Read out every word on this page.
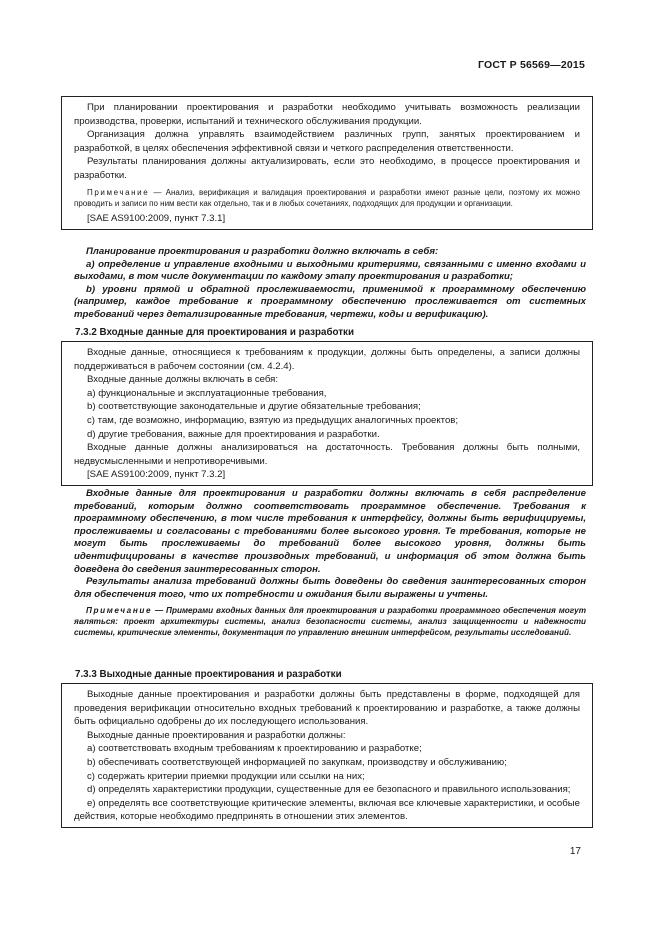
ГОСТ Р 56569—2015

При планировании проектирования и разработки необходимо учитывать возможность реализации производства, проверки, испытаний и технического обслуживания продукции.

Организация должна управлять взаимодействием различных групп, занятых проектированием и разработкой, в целях обеспечения эффективной связи и четкого распределения ответственности.

Результаты планирования должны актуализировать, если это необходимо, в процессе проектирования и разработки.

Примечание — Анализ, верификация и валидация проектирования и разработки имеют разные цели, поэтому их можно проводить и записи по ним вести как отдельно, так и в любых сочетаниях, подходящих для продукции и организации.

[SAE AS9100:2009, пункт 7.3.1]

Планирование проектирования и разработки должно включать в себя:

а) определение и управление входными и выходными критериями, связанными с именно входами и выходами, в том числе документации по каждому этапу проектирования и разработки;

b) уровни прямой и обратной прослеживаемости, применимой к программному обеспечению (например, каждое требование к программному обеспечению прослеживается от системных требований через детализированные требования, чертежи, коды и верификацию).

7.3.2 Входные данные для проектирования и разработки

Входные данные, относящиеся к требованиям к продукции, должны быть определены, а записи должны поддерживаться в рабочем состоянии (см. 4.2.4).

Входные данные должны включать в себя:

a) функциональные и эксплуатационные требования,

b) соответствующие законодательные и другие обязательные требования;

c) там, где возможно, информацию, взятую из предыдущих аналогичных проектов;

d) другие требования, важные для проектирования и разработки.

Входные данные должны анализироваться на достаточность. Требования должны быть полными, недвусмысленными и непротиворечивыми.

[SAE AS9100:2009, пункт 7.3.2]

Входные данные для проектирования и разработки должны включать в себя распределение требований, которым должно соответствовать программное обеспечение. Требования к программному обеспечению, в том числе требования к интерфейсу, должны быть верифицируемы, прослеживаемы и согласованы с требованиями более высокого уровня. Те требования, которые не могут быть прослеживаемы до требований более высокого уровня, должны быть идентифицированы в качестве производных требований, и информация об этом должна быть доведена до сведения заинтересованных сторон.

Результаты анализа требований должны быть доведены до сведения заинтересованных сторон для обеспечения того, что их потребности и ожидания были выражены и учтены.

Примечание — Примерами входных данных для проектирования и разработки программного обеспечения могут являться: проект архитектуры системы, анализ безопасности системы, анализ защищенности и надежности системы, критические элементы, документация по управлению внешним интерфейсом, результаты исследований.

7.3.3 Выходные данные проектирования и разработки

Выходные данные проектирования и разработки должны быть представлены в форме, подходящей для проведения верификации относительно входных требований к проектированию и разработке, а также должны быть официально одобрены до их последующего использования.

Выходные данные проектирования и разработки должны:

а) соответствовать входным требованиям к проектированию и разработке;

b) обеспечивать соответствующей информацией по закупкам, производству и обслуживанию;

c) содержать критерии приемки продукции или ссылки на них;

d) определять характеристики продукции, существенные для ее безопасного и правильного использования;

е) определять все соответствующие критические элементы, включая все ключевые характеристики, и особые действия, которые необходимо предпринять в отношении этих элементов.

17
